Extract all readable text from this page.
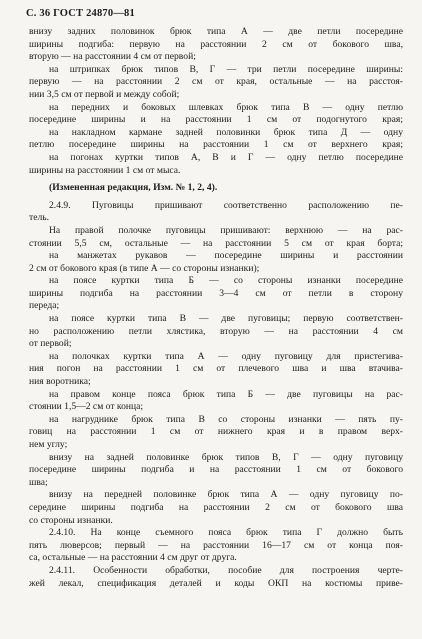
С. 36 ГОСТ 24870—81
внизу задних половинок брюк типа А — две петли посередине
ширины подгиба: первую на расстоянии 2 см от бокового шва,
вторую — на расстоянии 4 см от первой;
на штрипках брюк типов В, Г — три петли посередине ширины:
первую — на расстоянии 2 см от края, остальные — на расстоя-
нии 3,5 см от первой и между собой;
на передних и боковых шлевках брюк типа В — одну петлю
посередине ширины и на расстоянии 1 см от подогнутого края;
на накладном кармане задней половинки брюк типа Д — одну
петлю посередине ширины на расстоянии 1 см от верхнего края;
на погонах куртки типов А, В и Г — одну петлю посередине
ширины на расстоянии 1 см от мыса.
(Измененная редакция, Изм. № 1, 2, 4).
2.4.9. Пуговицы пришивают соответственно расположению пе-
тель.
На правой полочке пуговицы пришивают: верхнюю — на рас-
стоянии 5,5 см, остальные — на расстоянии 5 см от края борта;
на манжетах рукавов — посередине ширины и расстоянии
2 см от бокового края (в типе А — со стороны изнанки);
на поясе куртки типа Б — со стороны изнанки посередине
ширины подгиба на расстоянии 3—4 см от петли в сторону
переда;
на поясе куртки типа В — две пуговицы; первую соответствен-
но расположению петли хлястика, вторую — на расстоянии 4 см
от первой;
на полочках куртки типа А — одну пуговицу для пристегива-
ния погон на расстоянии 1 см от плечевого шва и шва втачива-
ния воротника;
на правом конце пояса брюк типа Б — две пуговицы на рас-
стоянии 1,5—2 см от конца;
на нагруднике брюк типа В со стороны изнанки — пять пу-
говиц на расстоянии 1 см от нижнего края и в правом верх-
нем углу;
внизу на задней половинке брюк типов В, Г — одну пуговицу
посередине ширины подгиба и на расстоянии 1 см от бокового
шва;
внизу на передней половинке брюк типа А — одну пуговицу по-
середине ширины подгиба на расстоянии 2 см от бокового шва
со стороны изнанки.
2.4.10. На конце съемного пояса брюк типа Г должно быть
пять люверсов; первый — на расстоянии 16—17 см от конца поя-
са, остальные — на расстоянии 4 см друг от друга.
2.4.11. Особенности обработки, пособие для построения черте-
жей лекал, спецификация деталей и коды ОКП на костюмы приве-
